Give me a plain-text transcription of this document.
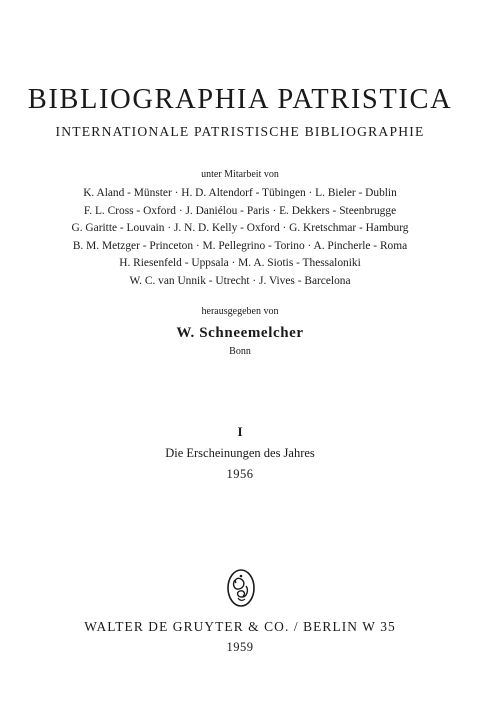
BIBLIOGRAPHIA PATRISTICA
INTERNATIONALE PATRISTISCHE BIBLIOGRAPHIE
unter Mitarbeit von
K. Aland - Münster · H. D. Altendorf - Tübingen · L. Bieler - Dublin
F. L. Cross - Oxford · J. Daniélou - Paris · E. Dekkers - Steenbrugge
G. Garitte - Louvain · J. N. D. Kelly - Oxford · G. Kretschmar - Hamburg
B. M. Metzger - Princeton · M. Pellegrino - Torino · A. Pincherle - Roma
H. Riesenfeld - Uppsala · M. A. Siotis - Thessaloniki
W. C. van Unnik - Utrecht · J. Vives - Barcelona
herausgegeben von
W. Schneemelcher
Bonn
I
Die Erscheinungen des Jahres
1956
WALTER DE GRUYTER & CO. / BERLIN W 35
1959
